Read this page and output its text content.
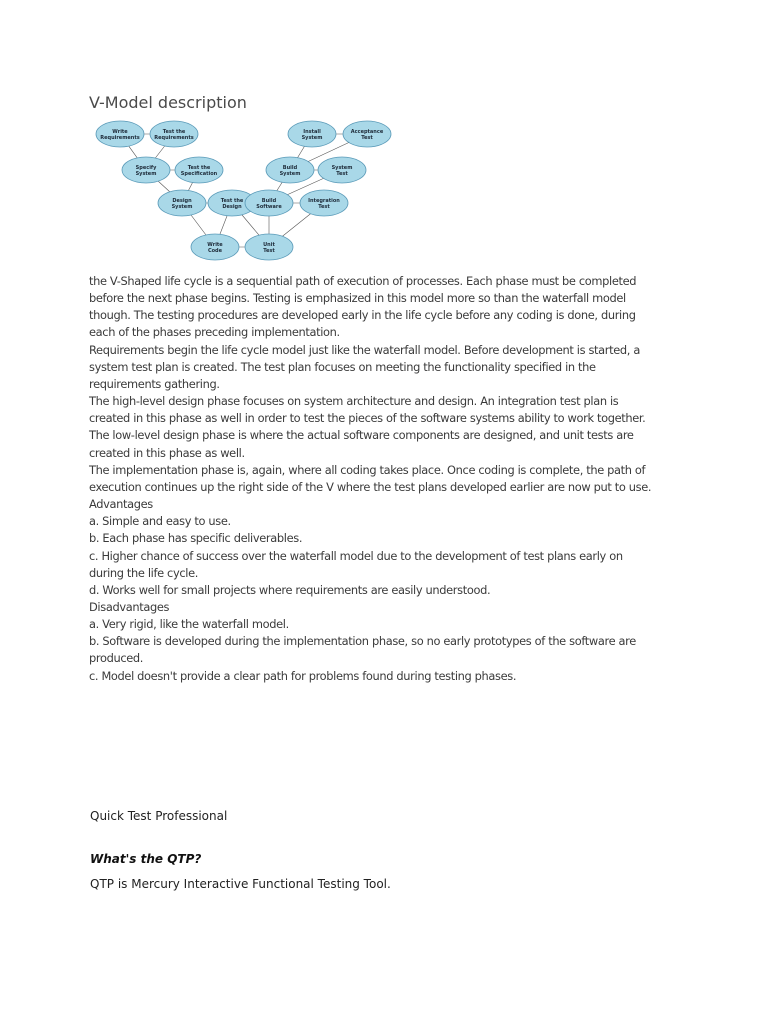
V-Model description
Write
Requirements
Test the
Requirements
Specify
System
Test the
Specification
Design
System
Test the
Design
Write
Code
Unit
Test
Build
Software
Integration
Test
Build
System
System
Test
Install
System
Acceptance
Test

the V-Shaped life cycle is a sequential path of execution of processes. Each phase must be completed

before the next phase begins. Testing is emphasized in this model more so than the waterfall model

though. The testing procedures are developed early in the life cycle before any coding is done, during

each of the phases preceding implementation.

Requirements begin the life cycle model just like the waterfall model. Before development is started, a

system test plan is created. The test plan focuses on meeting the functionality specified in the

requirements gathering.

The high-level design phase focuses on system architecture and design. An integration test plan is

created in this phase as well in order to test the pieces of the software systems ability to work together.

The low-level design phase is where the actual software components are designed, and unit tests are

created in this phase as well.

The implementation phase is, again, where all coding takes place. Once coding is complete, the path of

execution continues up the right side of the V where the test plans developed earlier are now put to use.

Advantages

a. Simple and easy to use.

b. Each phase has specific deliverables.

c. Higher chance of success over the waterfall model due to the development of test plans early on

during the life cycle.

d. Works well for small projects where requirements are easily understood.

Disadvantages

a. Very rigid, like the waterfall model.

b. Software is developed during the implementation phase, so no early prototypes of the software are

produced.

c. Model doesn't provide a clear path for problems found during testing phases.

Quick Test Professional
What's the QTP?

QTP is Mercury Interactive Functional Testing Tool.
